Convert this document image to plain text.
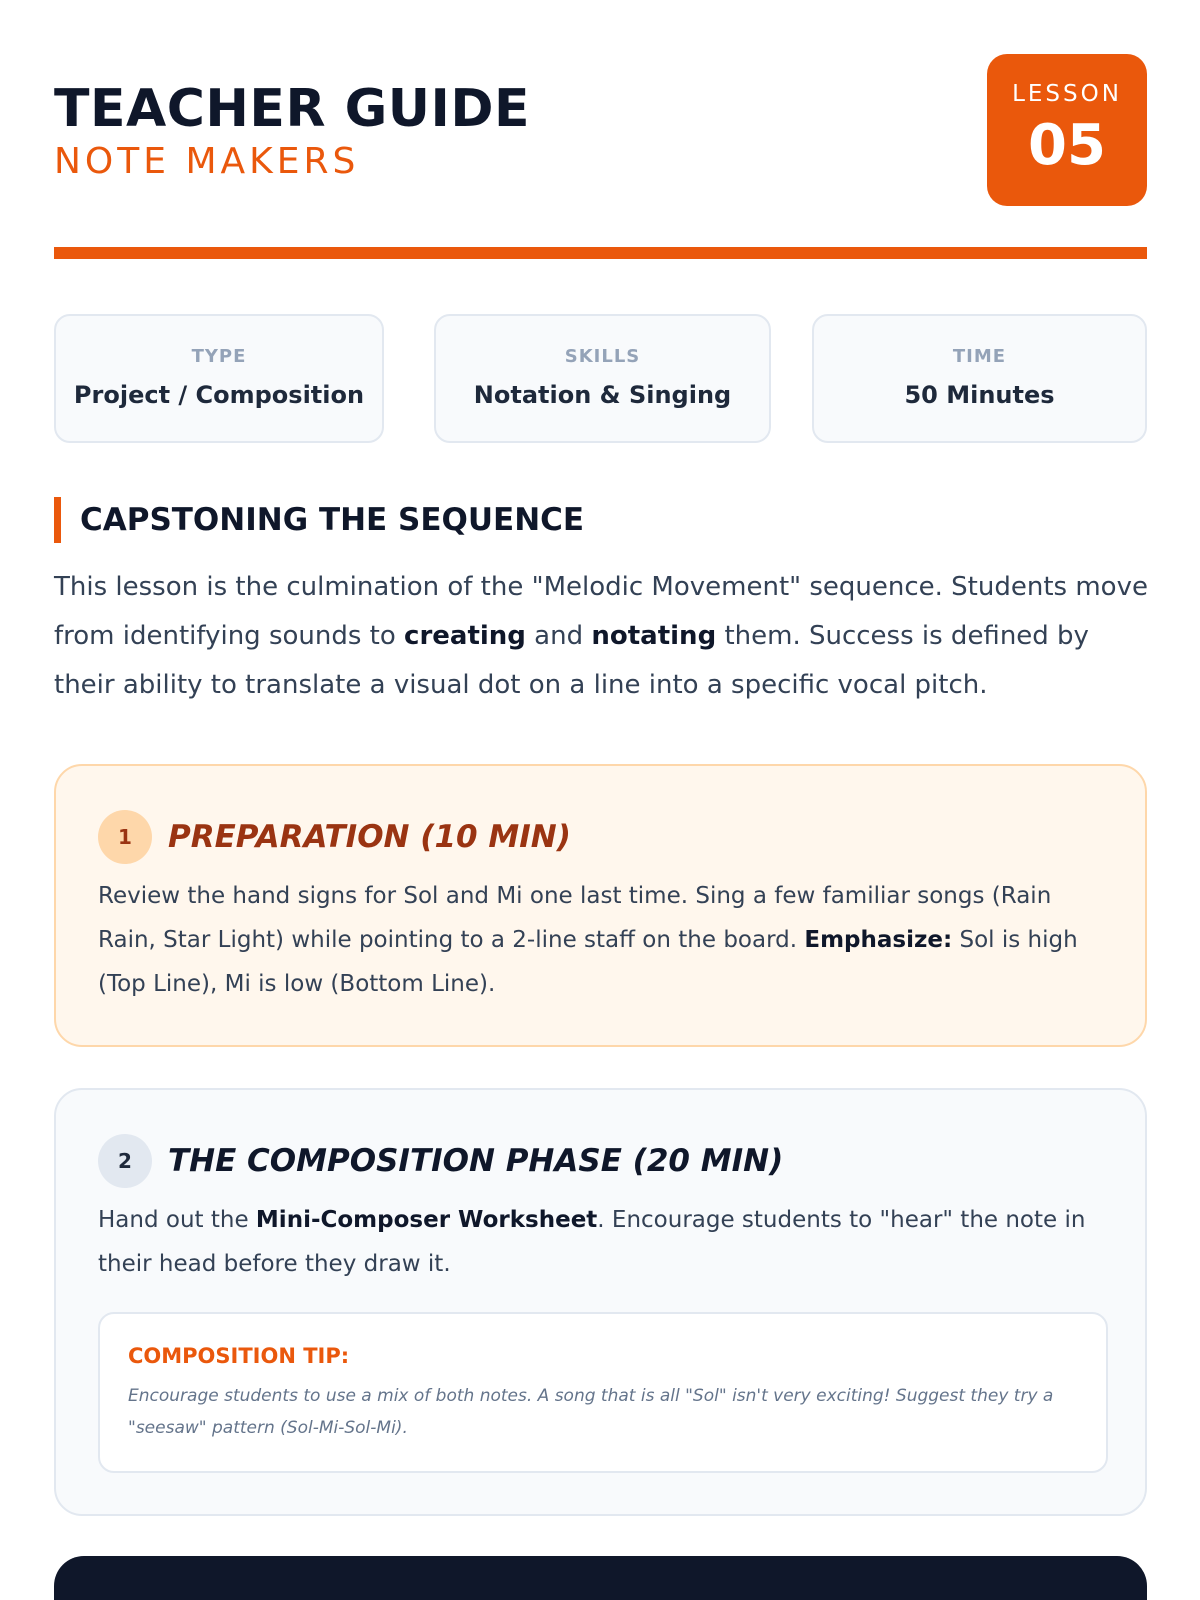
TEACHER GUIDE
NOTE MAKERS
LESSON
05
TYPE
Project / Composition
SKILLS
Notation & Singing
TIME
50 Minutes
CAPSTONING THE SEQUENCE
This lesson is the culmination of the "Melodic Movement" sequence. Students move from identifying sounds to creating and notating them. Success is defined by their ability to translate a visual dot on a line into a specific vocal pitch.
1	PREPARATION (10 MIN)
Review the hand signs for Sol and Mi one last time. Sing a few familiar songs (Rain Rain, Star Light) while pointing to a 2-line staff on the board. Emphasize: Sol is high (Top Line), Mi is low (Bottom Line).
2	THE COMPOSITION PHASE (20 MIN)
Hand out the Mini-Composer Worksheet. Encourage students to "hear" the note in their head before they draw it.
COMPOSITION TIP:
Encourage students to use a mix of both notes. A song that is all "Sol" isn't very exciting! Suggest they try a "seesaw" pattern (Sol-Mi-Sol-Mi).
